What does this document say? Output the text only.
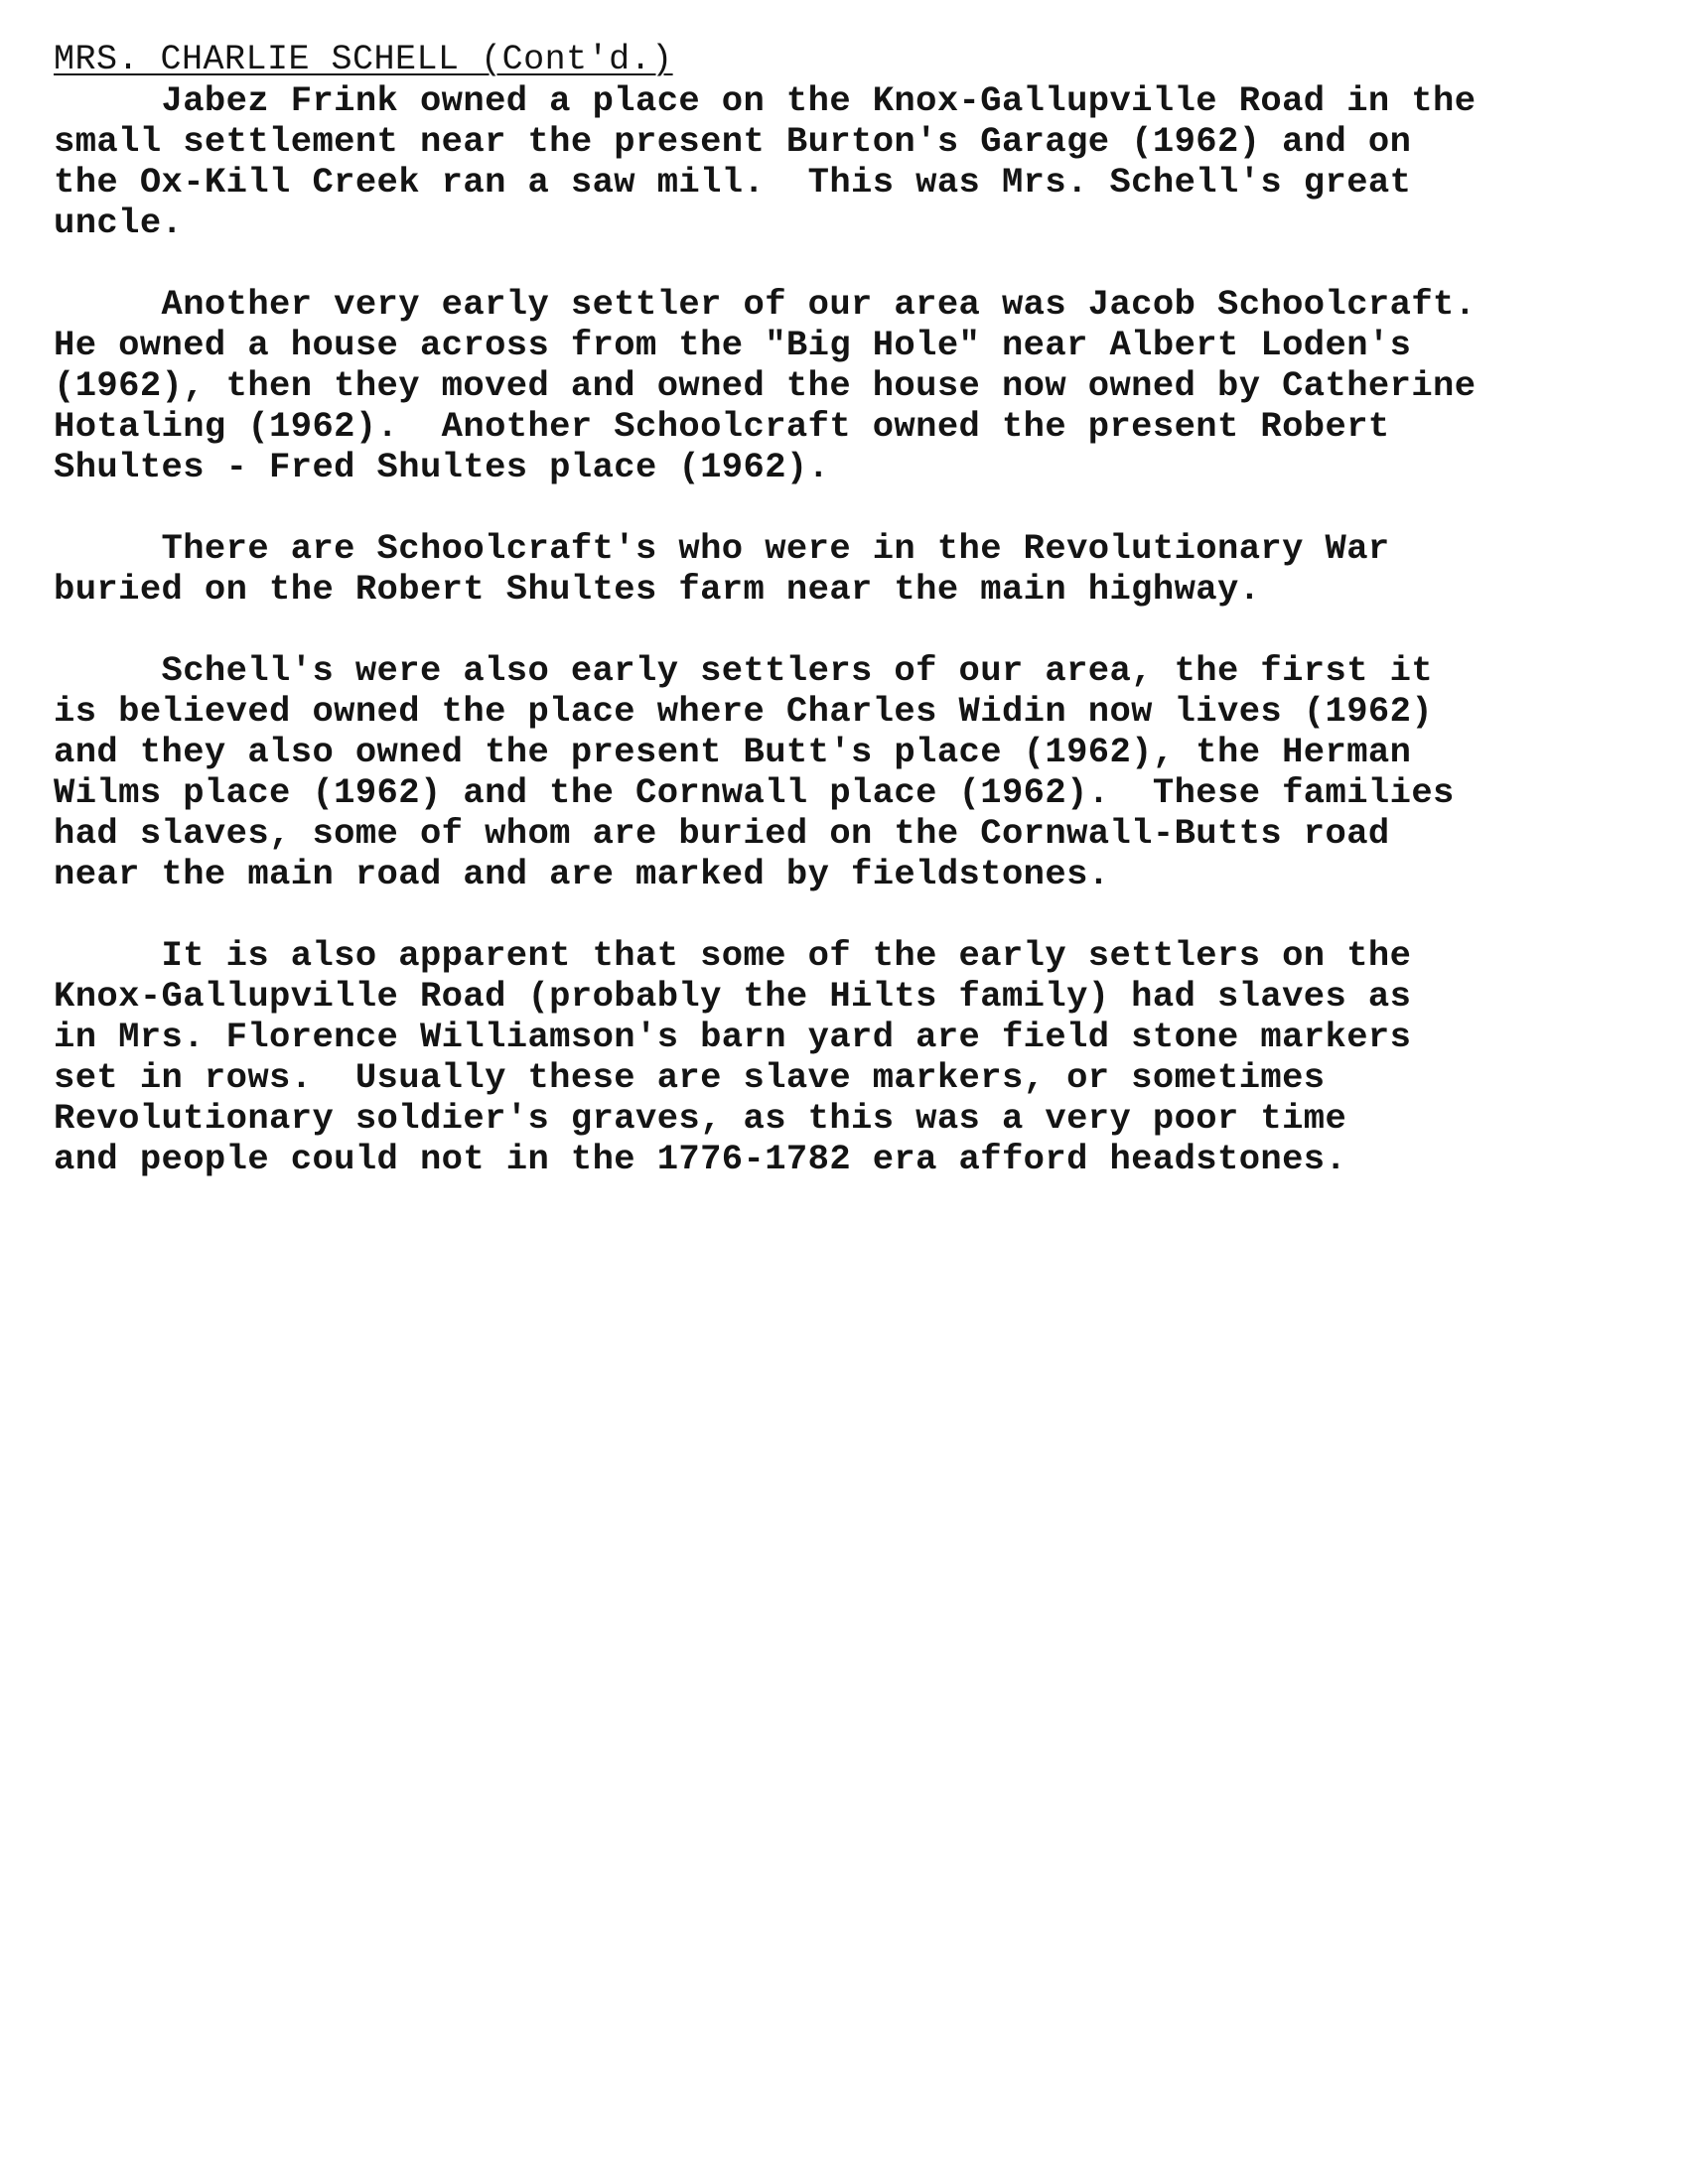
MRS. CHARLIE SCHELL (Cont'd.)
Jabez Frink owned a place on the Knox-Gallupville Road in the
small settlement near the present Burton's Garage (1962) and on
the Ox-Kill Creek ran a saw mill.  This was Mrs. Schell's great
uncle.
Another very early settler of our area was Jacob Schoolcraft.
He owned a house across from the "Big Hole" near Albert Loden's
(1962), then they moved and owned the house now owned by Catherine
Hotaling (1962).  Another Schoolcraft owned the present Robert
Shultes - Fred Shultes place (1962).
There are Schoolcraft's who were in the Revolutionary War
buried on the Robert Shultes farm near the main highway.
Schell's were also early settlers of our area, the first it
is believed owned the place where Charles Widin now lives (1962)
and they also owned the present Butt's place (1962), the Herman
Wilms place (1962) and the Cornwall place (1962).  These families
had slaves, some of whom are buried on the Cornwall-Butts road
near the main road and are marked by fieldstones.
It is also apparent that some of the early settlers on the
Knox-Gallupville Road (probably the Hilts family) had slaves as
in Mrs. Florence Williamson's barn yard are field stone markers
set in rows.  Usually these are slave markers, or sometimes
Revolutionary soldier's graves, as this was a very poor time
and people could not in the 1776-1782 era afford headstones.
